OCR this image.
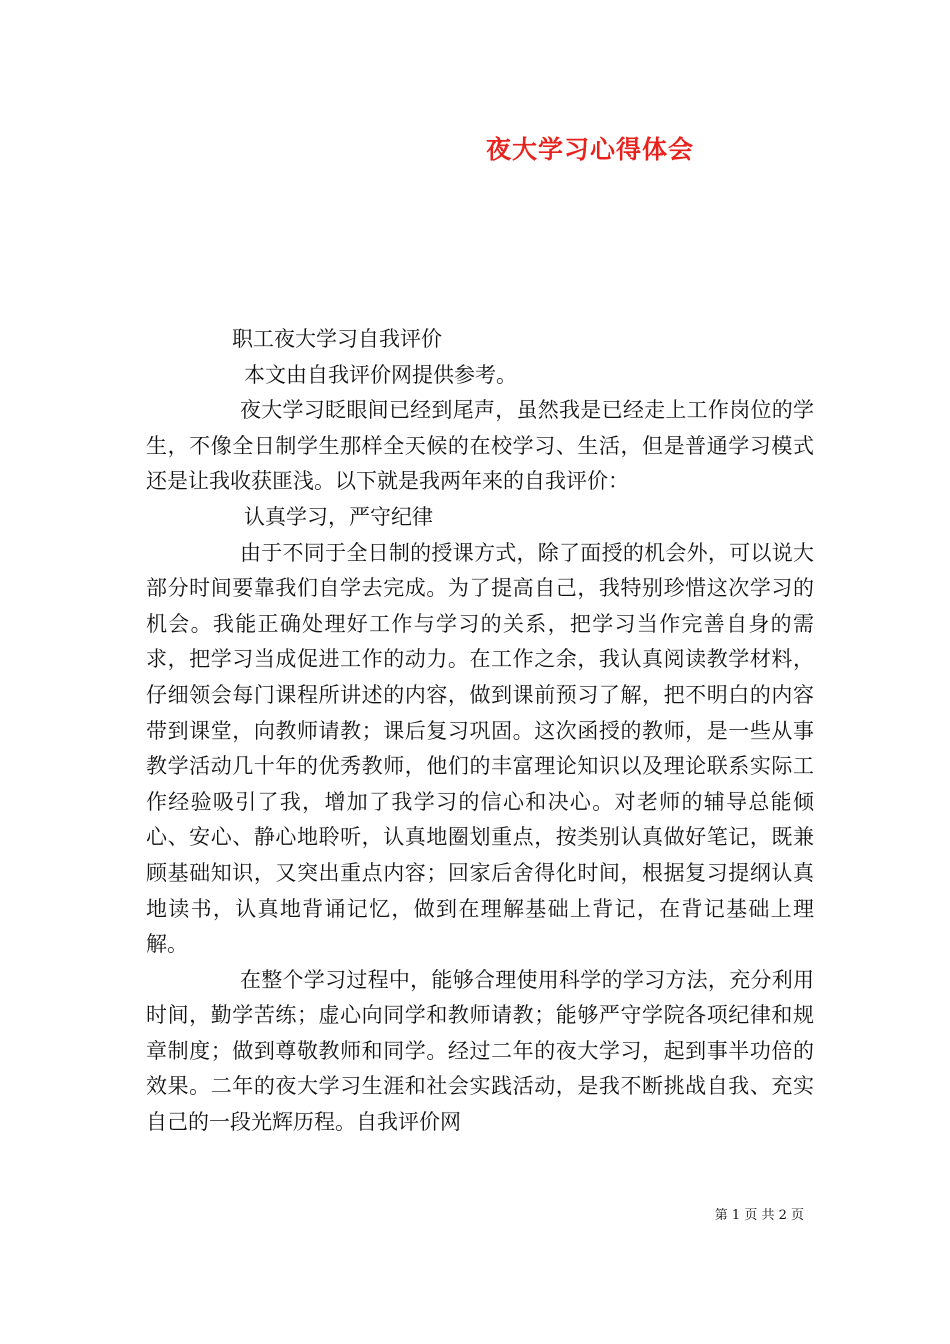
夜大学习心得体会
职工夜大学习自我评价
本文由自我评价网提供参考。

夜大学习眨眼间已经到尾声，虽然我是已经走上工作岗位的学生，不像全日制学生那样全天候的在校学习、生活，但是普通学习模式还是让我收获匪浅。以下就是我两年来的自我评价：

认真学习，严守纪律

由于不同于全日制的授课方式，除了面授的机会外，可以说大部分时间要靠我们自学去完成。为了提高自己，我特别珍惜这次学习的机会。我能正确处理好工作与学习的关系，把学习当作完善自身的需求，把学习当成促进工作的动力。在工作之余，我认真阅读教学材料，仔细领会每门课程所讲述的内容，做到课前预习了解，把不明白的内容带到课堂，向教师请教；课后复习巩固。这次函授的教师，是一些从事教学活动几十年的优秀教师，他们的丰富理论知识以及理论联系实际工作经验吸引了我，增加了我学习的信心和决心。对老师的辅导总能倾心、安心、静心地聆听，认真地圈划重点，按类别认真做好笔记，既兼顾基础知识，又突出重点内容；回家后舍得化时间，根据复习提纲认真地读书，认真地背诵记忆，做到在理解基础上背记，在背记基础上理解。

在整个学习过程中，能够合理使用科学的学习方法，充分利用时间，勤学苦练；虚心向同学和教师请教；能够严守学院各项纪律和规章制度；做到尊敬教师和同学。经过二年的夜大学习，起到事半功倍的效果。二年的夜大学习生涯和社会实践活动，是我不断挑战自我、充实自己的一段光辉历程。自我评价网

第 1 页 共 2 页
